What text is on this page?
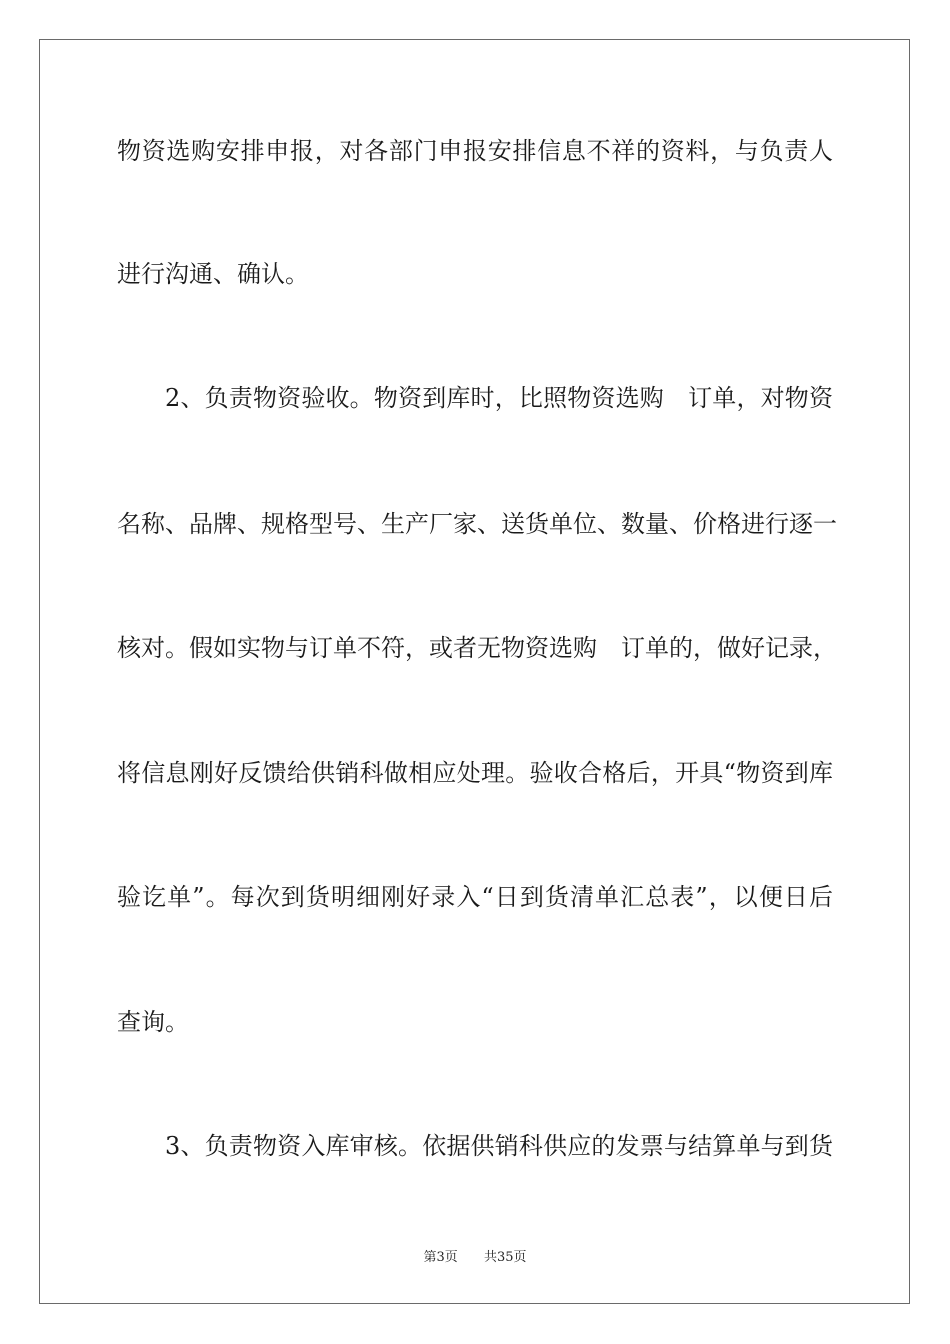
物资选购安排申报，对各部门申报安排信息不祥的资料，与负责人
进行沟通、确认。
2、负责物资验收。物资到库时，比照物资选购　订单，对物资
名称、品牌、规格型号、生产厂家、送货单位、数量、价格进行逐一
核对。假如实物与订单不符，或者无物资选购　订单的，做好记录，
将信息刚好反馈给供销科做相应处理。验收合格后，开具“物资到库
验讫单”。每次到货明细刚好录入“日到货清单汇总表”，以便日后
查询。
3、负责物资入库审核。依据供销科供应的发票与结算单与到货
第3页 共35页
